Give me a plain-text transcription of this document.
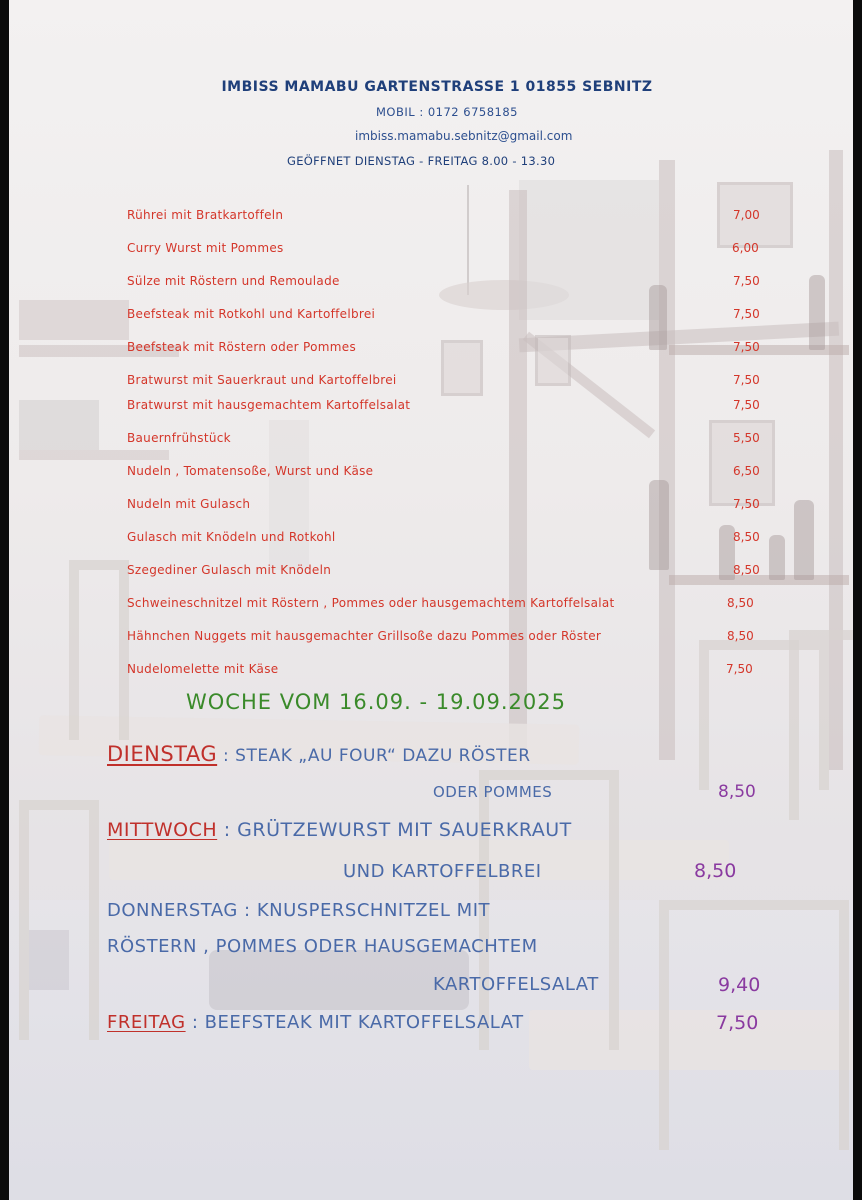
IMBISS MAMABU GARTENSTRASSE 1 01855 SEBNITZ
MOBIL : 0172 6758185
imbiss.mamabu.sebnitz@gmail.com
GEÖFFNET DIENSTAG - FREITAG 8.00 - 13.30
Rührei mit Bratkartoffeln	7,00
Curry Wurst mit Pommes	6,00
Sülze mit Röstern und Remoulade	7,50
Beefsteak mit Rotkohl und Kartoffelbrei	7,50
Beefsteak mit Röstern oder Pommes	7,50
Bratwurst mit Sauerkraut und Kartoffelbrei	7,50
Bratwurst mit hausgemachtem Kartoffelsalat	7,50
Bauernfrühstück	5,50
Nudeln , Tomatensoße, Wurst und Käse	6,50
Nudeln mit Gulasch	7,50
Gulasch mit Knödeln und Rotkohl	8,50
Szegediner Gulasch mit Knödeln	8,50
Schweineschnitzel mit Röstern , Pommes oder hausgemachtem Kartoffelsalat	8,50
Hähnchen Nuggets mit hausgemachter Grillsoße dazu Pommes oder Röster	8,50
Nudelomelette mit Käse	7,50
WOCHE VOM 16.09. - 19.09.2025
DIENSTAG : STEAK „AU FOUR“ DAZU RÖSTER
ODER POMMES	8,50
MITTWOCH : GRÜTZEWURST MIT SAUERKRAUT
UND KARTOFFELBREI	8,50
DONNERSTAG : KNUSPERSCHNITZEL MIT
RÖSTERN , POMMES ODER HAUSGEMACHTEM
KARTOFFELSALAT	9,40
FREITAG : BEEFSTEAK MIT KARTOFFELSALAT	7,50
